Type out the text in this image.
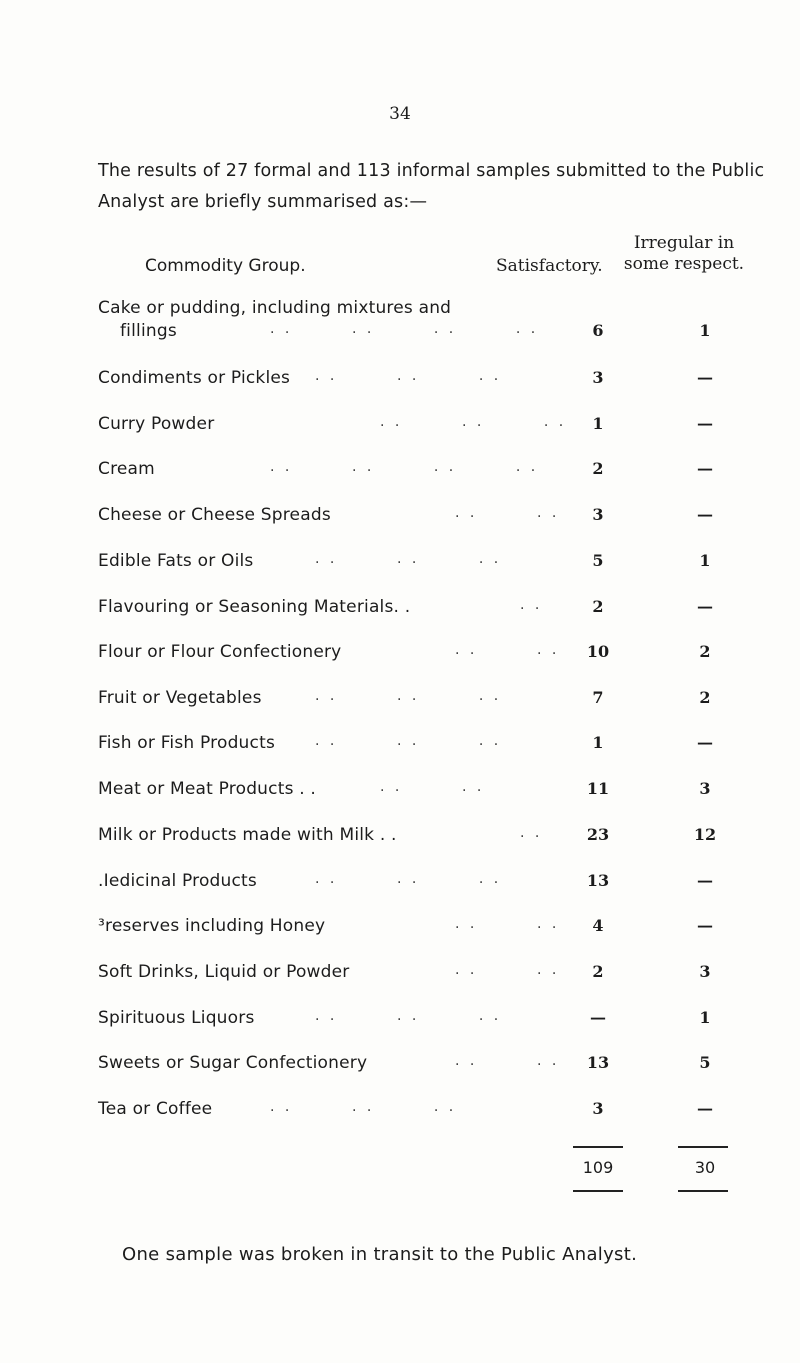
34
The results of 27 formal and 113 informal samples submitted to the Public Analyst are briefly summarised as:—
Commodity Group.	Satisfactory.
Irregular in
some respect.
Cake or pudding, including mixtures and
fillings	. .        . .        . .        . .	6	1
Condiments or Pickles . .        . .        . .	3	—
Curry Powder	. .        . .        . .	1	—
Cream	. .        . .        . .        . .	2	—
Cheese or Cheese Spreads	. .        . .	3	—
Edible Fats or Oils	. .        . .        . .	5	1
Flavouring or Seasoning Materials. .	. .	2	—
Flour or Flour Confectionery	. .        . .	10	2
Fruit or Vegetables	. .        . .        . .	7	2
Fish or Fish Products	. .        . .        . .	1	—
Meat or Meat Products . .	. .        . .	11	3
Milk or Products made with Milk . .	. .	23	12
.Iedicinal Products	. .        . .        . .	13	—
³reserves including Honey	. .        . .	4	—
Soft Drinks, Liquid or Powder	. .        . .	2	3
Spirituous Liquors	. .        . .        . .	—	1
Sweets or Sugar Confectionery	. .        . .	13	5
Tea or Coffee	. .        . .        . .	3	—
109	30
One sample was broken in transit to the Public Analyst.
